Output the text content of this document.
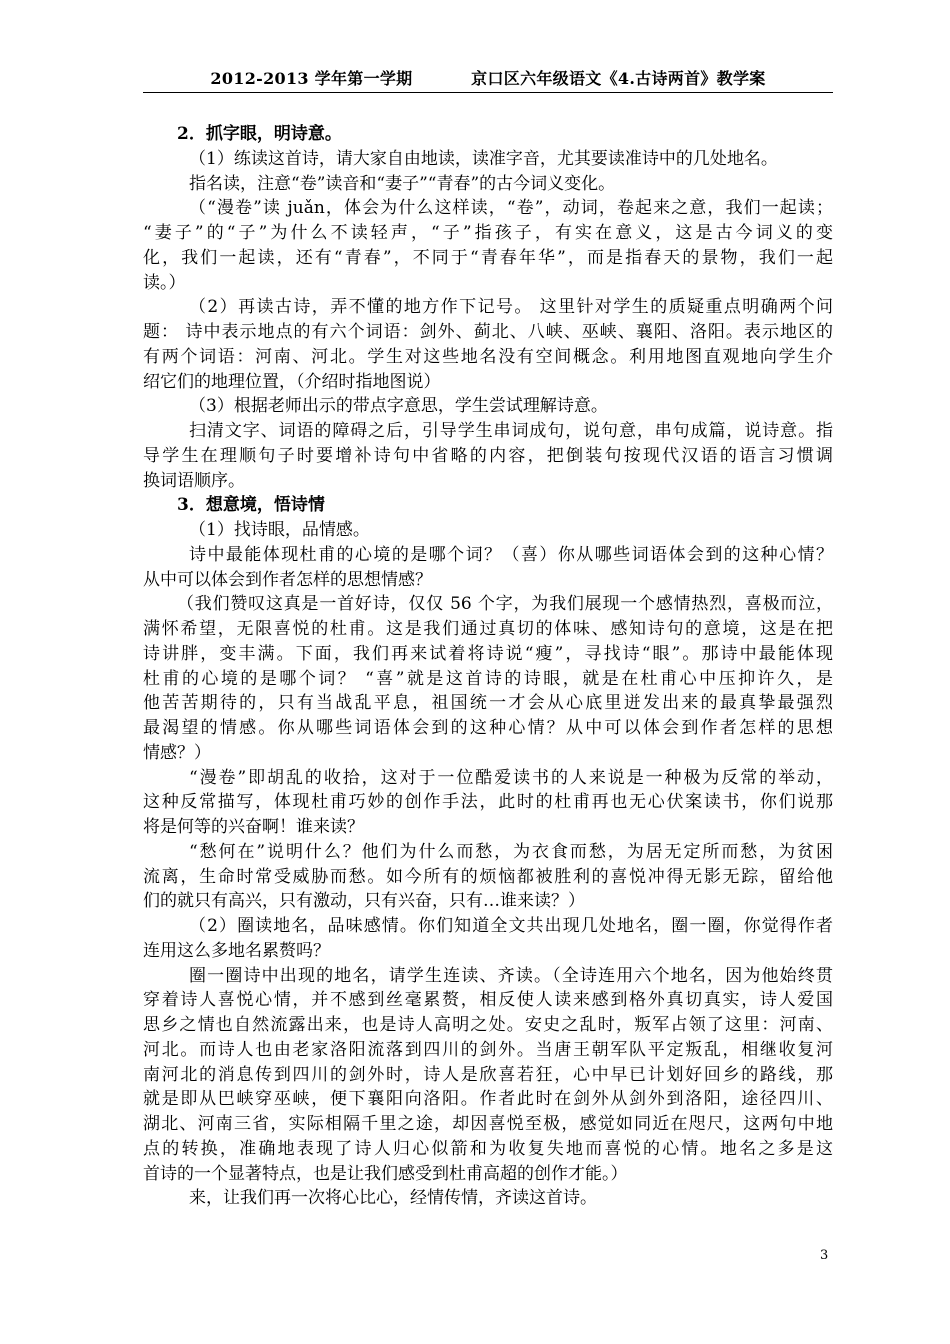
2012-2013 学年第一学期          京口区六年级语文《4.古诗两首》教学案
2．抓字眼，明诗意。
（1）练读这首诗，请大家自由地读，读准字音，尤其要读准诗中的几处地名。
指名读，注意“卷”读音和“妻子”“青春”的古今词义变化。
（“漫卷”读 juǎn，体会为什么这样读，“卷”，动词，卷起来之意，我们一起读；
“妻子”的“子”为什么不读轻声，“子”指孩子，有实在意义，这是古今词义的变
化，我们一起读，还有“青春”，不同于“青春年华”，而是指春天的景物，我们一起
读。）
（2）再读古诗，弄不懂的地方作下记号。 这里针对学生的质疑重点明确两个问
题： 诗中表示地点的有六个词语：剑外、蓟北、八峡、巫峡、襄阳、洛阳。表示地区的
有两个词语：河南、河北。学生对这些地名没有空间概念。利用地图直观地向学生介
绍它们的地理位置，（介绍时指地图说）
（3）根据老师出示的带点字意思，学生尝试理解诗意。
扫清文字、词语的障碍之后，引导学生串词成句，说句意，串句成篇，说诗意。指
导学生在理顺句子时要增补诗句中省略的内容，把倒装句按现代汉语的语言习惯调
换词语顺序。
3．想意境，悟诗情
（1）找诗眼，品情感。
诗中最能体现杜甫的心境的是哪个词？（喜）你从哪些词语体会到的这种心情？
从中可以体会到作者怎样的思想情感？
（我们赞叹这真是一首好诗，仅仅 56 个字，为我们展现一个感情热烈，喜极而泣，
满怀希望，无限喜悦的杜甫。这是我们通过真切的体味、感知诗句的意境，这是在把
诗讲胖，变丰满。下面，我们再来试着将诗说“瘦”，寻找诗“眼”。那诗中最能体现
杜甫的心境的是哪个词？ “喜”就是这首诗的诗眼，就是在杜甫心中压抑许久，是
他苦苦期待的，只有当战乱平息，祖国统一才会从心底里迸发出来的最真挚最强烈
最渴望的情感。你从哪些词语体会到的这种心情？从中可以体会到作者怎样的思想
情感？）
“漫卷”即胡乱的收拾，这对于一位酷爱读书的人来说是一种极为反常的举动，
这种反常描写，体现杜甫巧妙的创作手法，此时的杜甫再也无心伏案读书，你们说那
将是何等的兴奋啊！谁来读？
“愁何在”说明什么？他们为什么而愁，为衣食而愁，为居无定所而愁，为贫困
流离，生命时常受威胁而愁。如今所有的烦恼都被胜利的喜悦冲得无影无踪，留给他
们的就只有高兴，只有激动，只有兴奋，只有…谁来读？）
（2）圈读地名，品味感情。你们知道全文共出现几处地名，圈一圈，你觉得作者
连用这么多地名累赘吗？
圈一圈诗中出现的地名，请学生连读、齐读。（全诗连用六个地名，因为他始终贯
穿着诗人喜悦心情，并不感到丝毫累赘，相反使人读来感到格外真切真实，诗人爱国
思乡之情也自然流露出来，也是诗人高明之处。安史之乱时，叛军占领了这里：河南、
河北。而诗人也由老家洛阳流落到四川的剑外。当唐王朝军队平定叛乱，相继收复河
南河北的消息传到四川的剑外时，诗人是欣喜若狂，心中早已计划好回乡的路线，那
就是即从巴峡穿巫峡，便下襄阳向洛阳。作者此时在剑外从剑外到洛阳，途径四川、
湖北、河南三省，实际相隔千里之途，却因喜悦至极，感觉如同近在咫尺，这两句中地
点的转换，准确地表现了诗人归心似箭和为收复失地而喜悦的心情。地名之多是这
首诗的一个显著特点，也是让我们感受到杜甫高超的创作才能。）
来，让我们再一次将心比心，经情传情，齐读这首诗。
3
